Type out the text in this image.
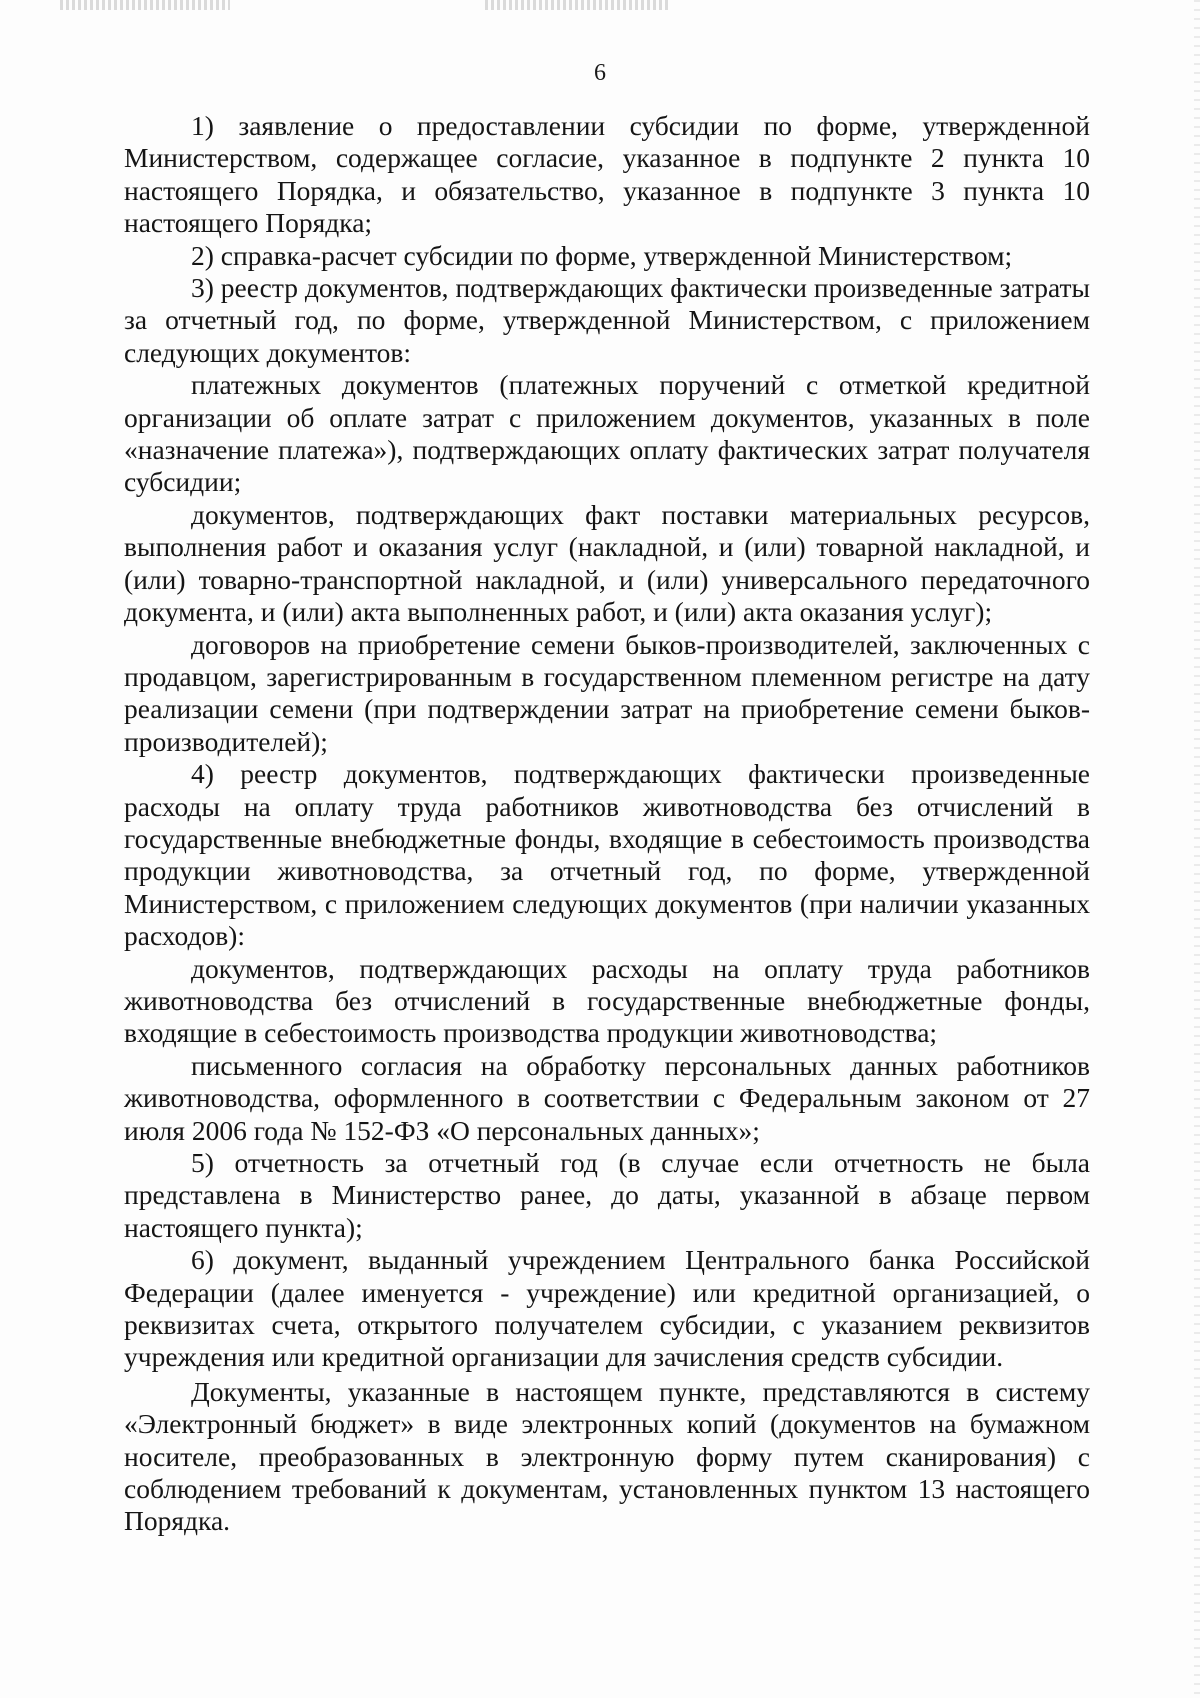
6

1) заявление о предоставлении субсидии по форме, утвержденной Министерством, содержащее согласие, указанное в подпункте 2 пункта 10 настоящего Порядка, и обязательство, указанное в подпункте 3 пункта 10 настоящего Порядка;

2) справка-расчет субсидии по форме, утвержденной Министерством;

3) реестр документов, подтверждающих фактически произведенные затраты за отчетный год, по форме, утвержденной Министерством, с приложением следующих документов:

платежных документов (платежных поручений с отметкой кредитной организации об оплате затрат с приложением документов, указанных в поле «назначение платежа»), подтверждающих оплату фактических затрат получателя субсидии;

документов, подтверждающих факт поставки материальных ресурсов, выполнения работ и оказания услуг (накладной, и (или) товарной накладной, и (или) товарно-транспортной накладной, и (или) универсального передаточного документа, и (или) акта выполненных работ, и (или) акта оказания услуг);

договоров на приобретение семени быков-производителей, заключенных с продавцом, зарегистрированным в государственном племенном регистре на дату реализации семени (при подтверждении затрат на приобретение семени быков-производителей);

4) реестр документов, подтверждающих фактически произведенные расходы на оплату труда работников животноводства без отчислений в государственные внебюджетные фонды, входящие в себестоимость производства продукции животноводства, за отчетный год, по форме, утвержденной Министерством, с приложением следующих документов (при наличии указанных расходов):

документов, подтверждающих расходы на оплату труда работников животноводства без отчислений в государственные внебюджетные фонды, входящие в себестоимость производства продукции животноводства;

письменного согласия на обработку персональных данных работников животноводства, оформленного в соответствии с Федеральным законом от 27 июля 2006 года № 152-ФЗ «О персональных данных»;

5) отчетность за отчетный год (в случае если отчетность не была представлена в Министерство ранее, до даты, указанной в абзаце первом настоящего пункта);

6) документ, выданный учреждением Центрального банка Российской Федерации (далее именуется - учреждение) или кредитной организацией, о реквизитах счета, открытого получателем субсидии, с указанием реквизитов учреждения или кредитной организации для зачисления средств субсидии.

Документы, указанные в настоящем пункте, представляются в систему «Электронный бюджет» в виде электронных копий (документов на бумажном носителе, преобразованных в электронную форму путем сканирования) с соблюдением требований к документам, установленных пунктом 13 настоящего Порядка.
